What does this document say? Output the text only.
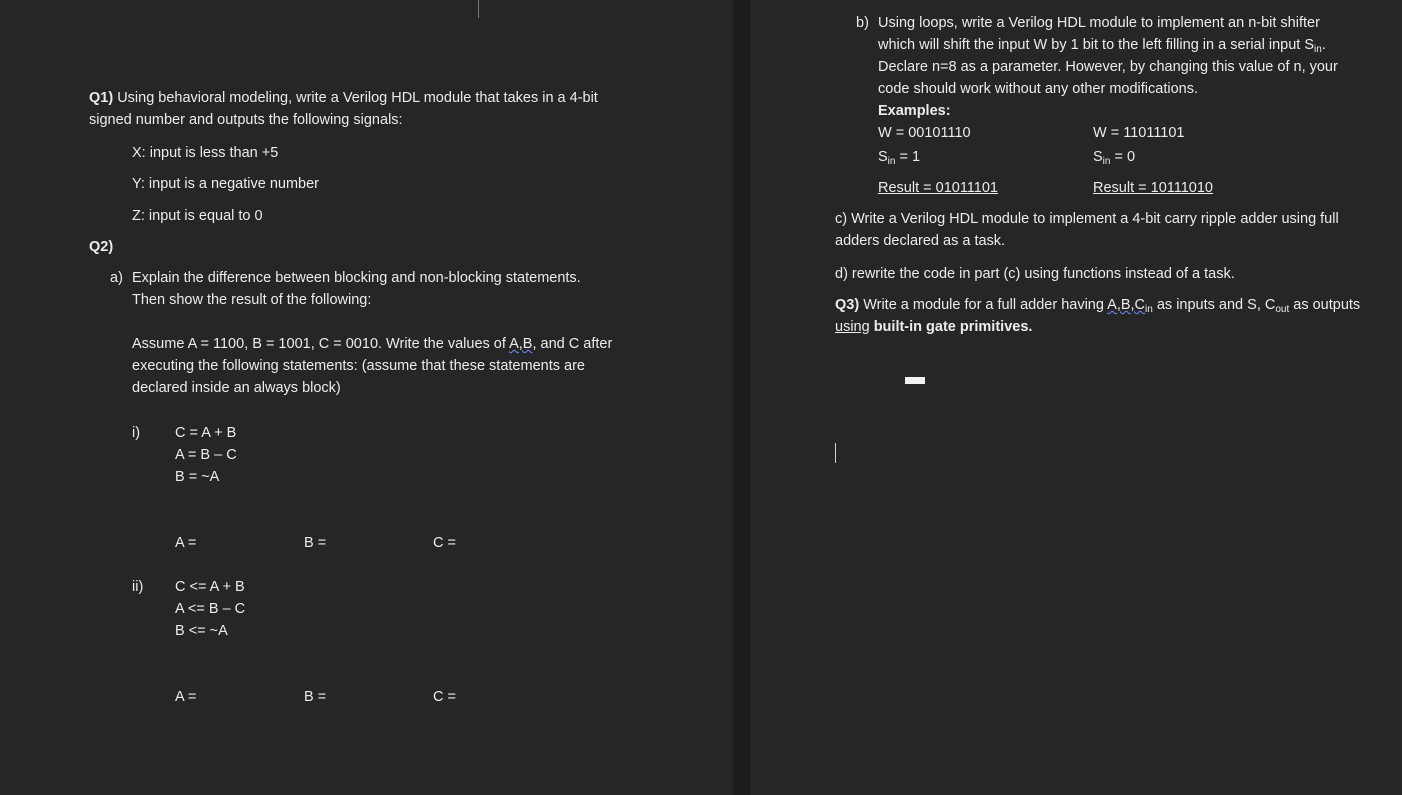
Q1) Using behavioral modeling, write a Verilog HDL module that takes in a 4-bit
signed number and outputs the following signals:
X: input is less than +5
Y: input is a negative number
Z: input is equal to 0
Q2)
a) Explain the difference between blocking and non-blocking statements.
Then show the result of the following:
Assume A = 1100, B = 1001, C = 0010. Write the values of A,B, and C after
executing the following statements: (assume that these statements are
declared inside an always block)
i) C = A + B
A = B – C
B = ~A
A =	B =	C =
ii) C <= A + B
A <= B – C
B <= ~A
A =	B =	C =
b) Using loops, write a Verilog HDL module to implement an n-bit shifter
which will shift the input W by 1 bit to the left filling in a serial input $S_{in}$.
Declare n=8 as a parameter. However, by changing this value of n, your
code should work without any other modifications.
Examples:
W = 00101110
$S_{in} = 1$
Result = 01011101
W = 11011101
$S_{in} = 0$
Result = 10111010
c) Write a Verilog HDL module to implement a 4-bit carry ripple adder using full
adders declared as a task.
d) rewrite the code in part (c) using functions instead of a task.
Q3) Write a module for a full adder having $A,B,C_{in}$ as inputs and S, $C_{out}$ as outputs
using built-in gate primitives.
